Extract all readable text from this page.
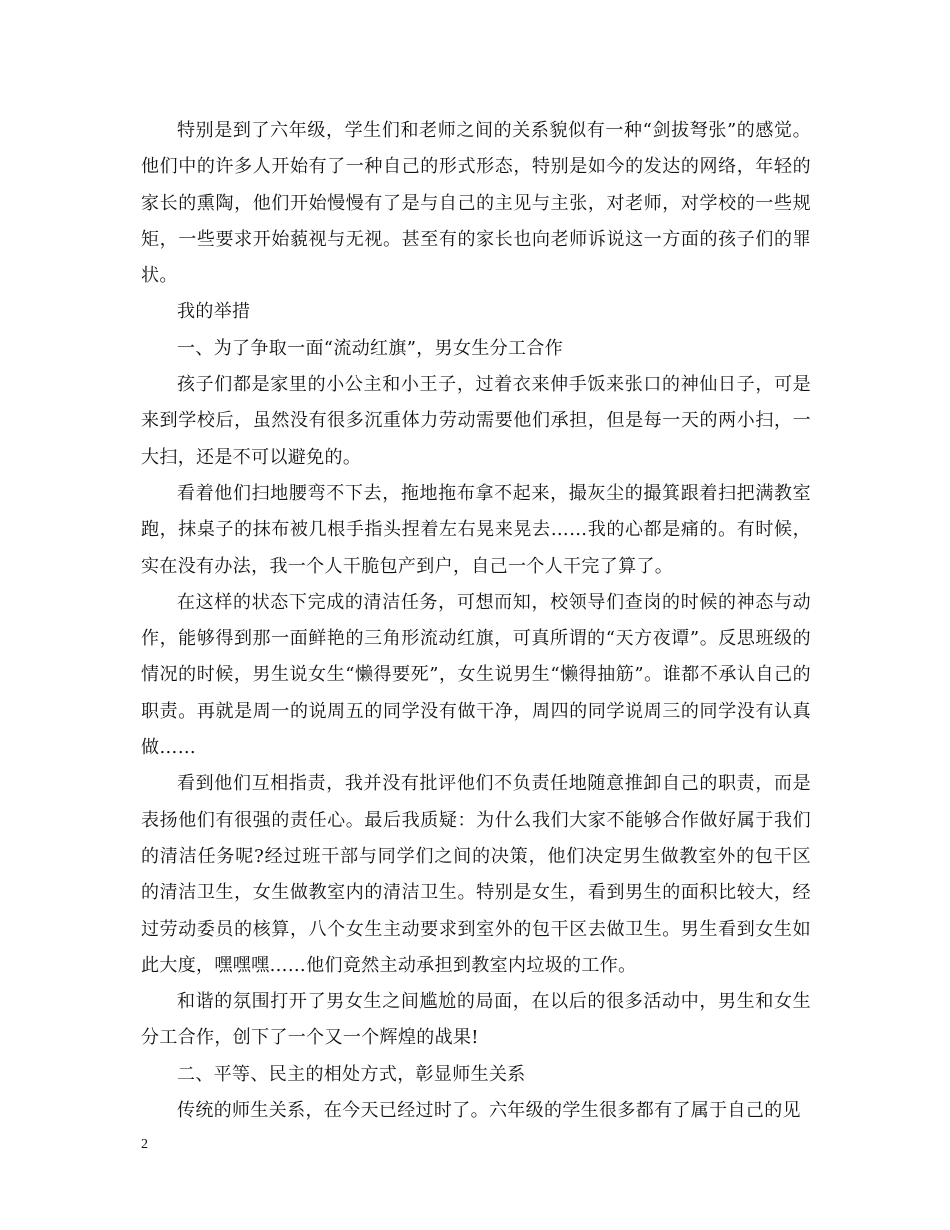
特别是到了六年级，学生们和老师之间的关系貌似有一种“剑拔弩张”的感觉。他们中的许多人开始有了一种自己的形式形态，特别是如今的发达的网络，年轻的家长的熏陶，他们开始慢慢有了是与自己的主见与主张，对老师，对学校的一些规矩，一些要求开始藐视与无视。甚至有的家长也向老师诉说这一方面的孩子们的罪状。

我的举措

一、为了争取一面“流动红旗”，男女生分工合作

孩子们都是家里的小公主和小王子，过着衣来伸手饭来张口的神仙日子，可是来到学校后，虽然没有很多沉重体力劳动需要他们承担，但是每一天的两小扫，一大扫，还是不可以避免的。

看着他们扫地腰弯不下去，拖地拖布拿不起来，撮灰尘的撮箕跟着扫把满教室跑，抹桌子的抹布被几根手指头捏着左右晃来晃去……我的心都是痛的。有时候，实在没有办法，我一个人干脆包产到户，自己一个人干完了算了。

在这样的状态下完成的清洁任务，可想而知，校领导们查岗的时候的神态与动作，能够得到那一面鲜艳的三角形流动红旗，可真所谓的“天方夜谭”。反思班级的情况的时候，男生说女生“懒得要死”，女生说男生“懒得抽筋”。谁都不承认自己的职责。再就是周一的说周五的同学没有做干净，周四的同学说周三的同学没有认真做……

看到他们互相指责，我并没有批评他们不负责任地随意推卸自己的职责，而是表扬他们有很强的责任心。最后我质疑：为什么我们大家不能够合作做好属于我们的清洁任务呢?经过班干部与同学们之间的决策，他们决定男生做教室外的包干区的清洁卫生，女生做教室内的清洁卫生。特别是女生，看到男生的面积比较大，经过劳动委员的核算，八个女生主动要求到室外的包干区去做卫生。男生看到女生如此大度，嘿嘿嘿……他们竟然主动承担到教室内垃圾的工作。

和谐的氛围打开了男女生之间尴尬的局面，在以后的很多活动中，男生和女生分工合作，创下了一个又一个辉煌的战果!

二、平等、民主的相处方式，彰显师生关系

传统的师生关系，在今天已经过时了。六年级的学生很多都有了属于自己的见

2
